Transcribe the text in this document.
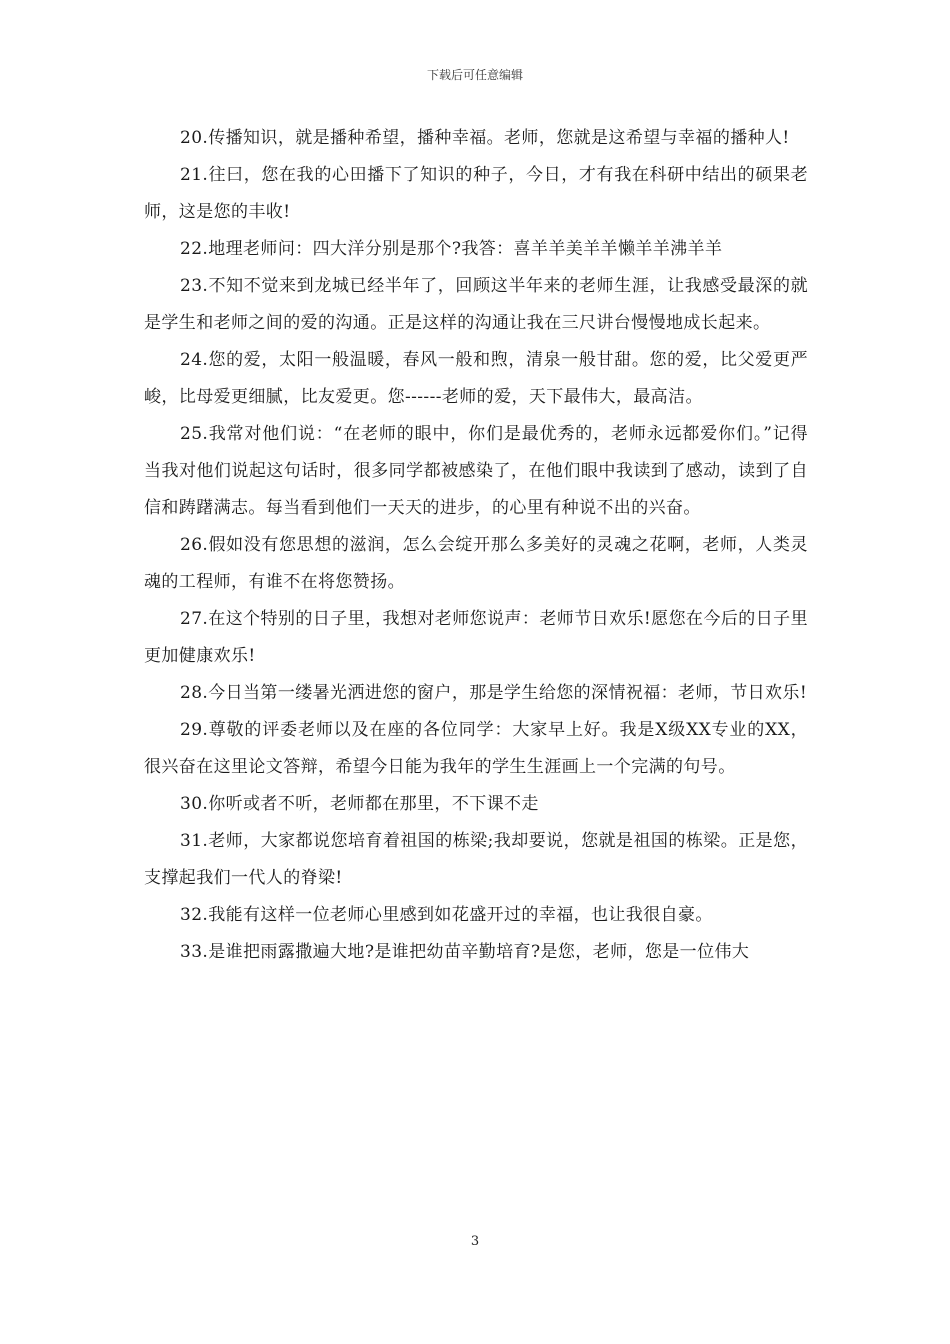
下载后可任意编辑

20.传播知识，就是播种希望，播种幸福。老师，您就是这希望与幸福的播种人!

21.往曰，您在我的心田播下了知识的种子，今日，才有我在科研中结出的硕果老师，这是您的丰收!

22.地理老师问：四大洋分别是那个?我答：喜羊羊美羊羊懒羊羊沸羊羊

23.不知不觉来到龙城已经半年了，回顾这半年来的老师生涯，让我感受最深的就是学生和老师之间的爱的沟通。正是这样的沟通让我在三尺讲台慢慢地成长起来。

24.您的爱，太阳一般温暖，春风一般和煦，清泉一般甘甜。您的爱，比父爱更严峻，比母爱更细腻，比友爱更。您------老师的爱，天下最伟大，最高洁。

25.我常对他们说：“在老师的眼中，你们是最优秀的，老师永远都爱你们。”记得当我对他们说起这句话时，很多同学都被感染了，在他们眼中我读到了感动，读到了自信和踌躇满志。每当看到他们一天天的进步，的心里有种说不出的兴奋。

26.假如没有您思想的滋润，怎么会绽开那么多美好的灵魂之花啊，老师，人类灵魂的工程师，有谁不在将您赞扬。

27.在这个特别的日子里，我想对老师您说声：老师节日欢乐!愿您在今后的日子里更加健康欢乐!

28.今日当第一缕暑光洒进您的窗户，那是学生给您的深情祝福：老师，节日欢乐!

29.尊敬的评委老师以及在座的各位同学：大家早上好。我是X级XX专业的XX，很兴奋在这里论文答辩，希望今日能为我年的学生生涯画上一个完满的句号。

30.你听或者不听，老师都在那里，不下课不走

31.老师，大家都说您培育着祖国的栋梁;我却要说，您就是祖国的栋梁。正是您，支撑起我们一代人的脊梁!

32.我能有这样一位老师心里感到如花盛开过的幸福，也让我很自豪。

33.是谁把雨露撒遍大地?是谁把幼苗辛勤培育?是您，老师，您是一位伟大

3
